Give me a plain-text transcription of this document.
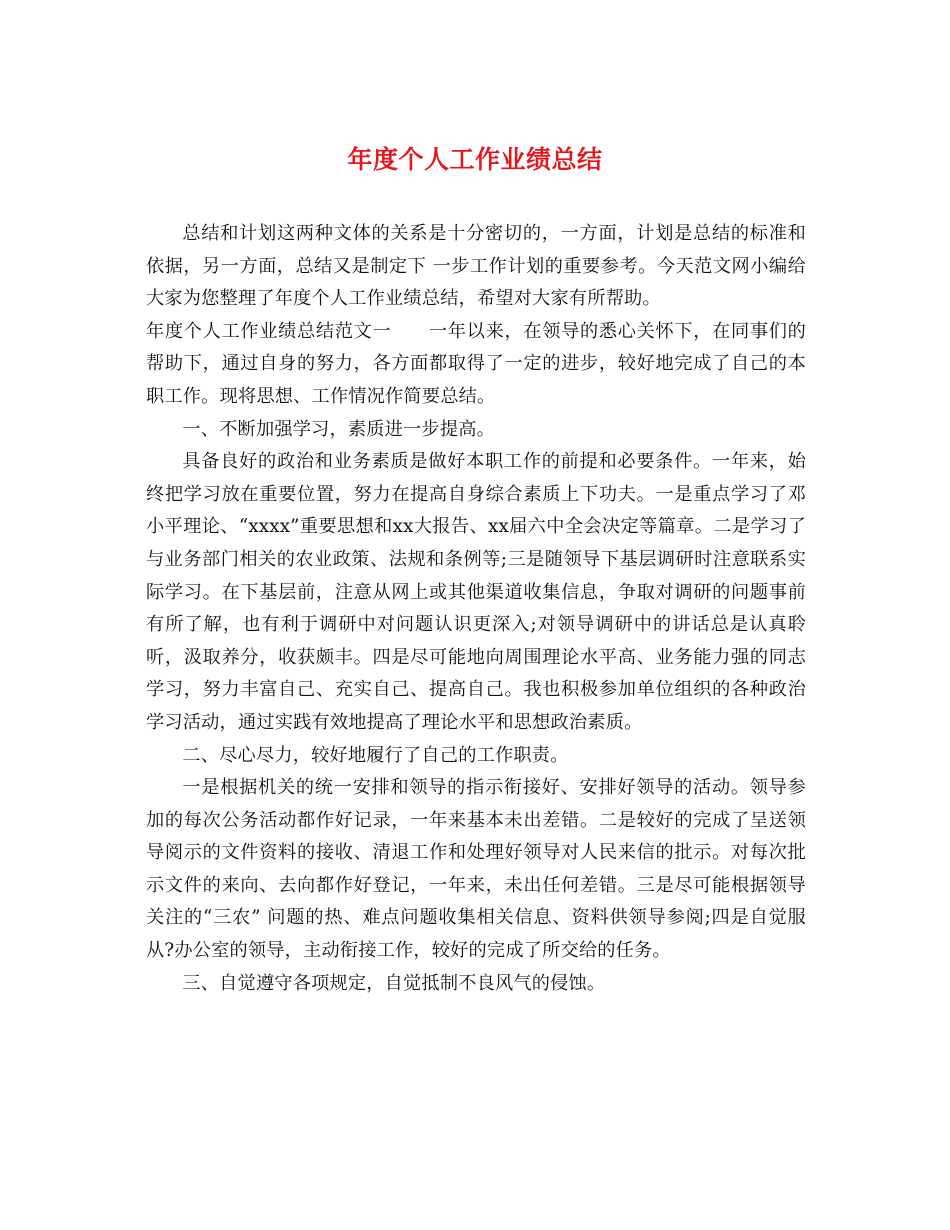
年度个人工作业绩总结

总结和计划这两种文体的关系是十分密切的，一方面，计划是总结的标准和依据，另一方面，总结又是制定下 一步工作计划的重要参考。今天范文网小编给大家为您整理了年度个人工作业绩总结，希望对大家有所帮助。

年度个人工作业绩总结范文一　　一年以来，在领导的悉心关怀下，在同事们的帮助下，通过自身的努力，各方面都取得了一定的进步，较好地完成了自己的本职工作。现将思想、工作情况作简要总结。

一、不断加强学习，素质进一步提高。

具备良好的政治和业务素质是做好本职工作的前提和必要条件。一年来，始终把学习放在重要位置，努力在提高自身综合素质上下功夫。一是重点学习了邓小平理论、“xxxx”重要思想和xx大报告、xx届六中全会决定等篇章。二是学习了与业务部门相关的农业政策、法规和条例等;三是随领导下基层调研时注意联系实际学习。在下基层前，注意从网上或其他渠道收集信息，争取对调研的问题事前有所了解，也有利于调研中对问题认识更深入;对领导调研中的讲话总是认真聆听，汲取养分，收获颇丰。四是尽可能地向周围理论水平高、业务能力强的同志学习，努力丰富自己、充实自己、提高自己。我也积极参加单位组织的各种政治学习活动，通过实践有效地提高了理论水平和思想政治素质。

二、尽心尽力，较好地履行了自己的工作职责。

一是根据机关的统一安排和领导的指示衔接好、安排好领导的活动。领导参加的每次公务活动都作好记录，一年来基本未出差错。二是较好的完成了呈送领导阅示的文件资料的接收、清退工作和处理好领导对人民来信的批示。对每次批示文件的来向、去向都作好登记，一年来，未出任何差错。三是尽可能根据领导关注的“三农” 问题的热、难点问题收集相关信息、资料供领导参阅;四是自觉服从?办公室的领导，主动衔接工作，较好的完成了所交给的任务。

三、自觉遵守各项规定，自觉抵制不良风气的侵蚀。
